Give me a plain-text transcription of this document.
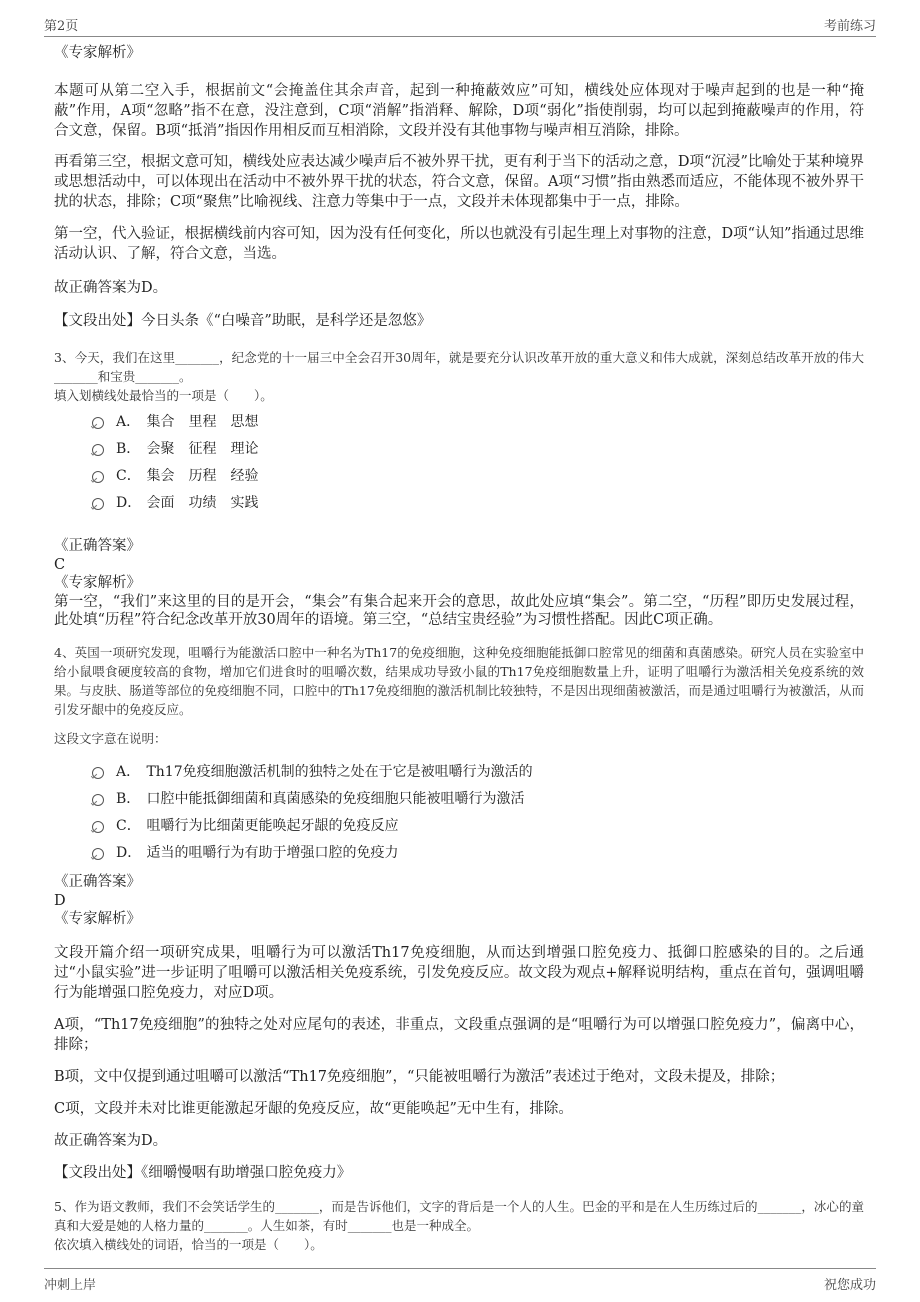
第2页	考前练习

《专家解析》

本题可从第二空入手，根据前文“会掩盖住其余声音，起到一种掩蔽效应”可知，横线处应体现对于噪声起到的也是一种“掩蔽”作用，A项“忽略”指不在意，没注意到，C项“消解”指消释、解除，D项“弱化”指使削弱，均可以起到掩蔽噪声的作用，符合文意，保留。B项“抵消”指因作用相反而互相消除，文段并没有其他事物与噪声相互消除，排除。

再看第三空，根据文意可知，横线处应表达减少噪声后不被外界干扰，更有利于当下的活动之意，D项“沉浸”比喻处于某种境界或思想活动中，可以体现出在活动中不被外界干扰的状态，符合文意，保留。A项“习惯”指由熟悉而适应，不能体现不被外界干扰的状态，排除；C项“聚焦”比喻视线、注意力等集中于一点，文段并未体现都集中于一点，排除。

第一空，代入验证，根据横线前内容可知，因为没有任何变化，所以也就没有引起生理上对事物的注意，D项“认知”指通过思维活动认识、了解，符合文意，当选。

故正确答案为D。

【文段出处】今日头条《“白噪音”助眠，是科学还是忽悠》

3、今天，我们在这里_______，纪念党的十一届三中全会召开30周年，就是要充分认识改革开放的重大意义和伟大成就，深刻总结改革开放的伟大_______和宝贵_______。

填入划横线处最恰当的一项是（　　）。

A． 集合 里程 思想
B． 会聚 征程 理论
C． 集会 历程 经验
D． 会面 功绩 实践

《正确答案》

C

《专家解析》

第一空，“我们”来这里的目的是开会，“集会”有集合起来开会的意思，故此处应填“集会”。第二空，“历程”即历史发展过程，此处填“历程”符合纪念改革开放30周年的语境。第三空，“总结宝贵经验”为习惯性搭配。因此C项正确。

4、英国一项研究发现，咀嚼行为能激活口腔中一种名为Th17的免疫细胞，这种免疫细胞能抵御口腔常见的细菌和真菌感染。研究人员在实验室中给小鼠喂食硬度较高的食物，增加它们进食时的咀嚼次数，结果成功导致小鼠的Th17免疫细胞数量上升，证明了咀嚼行为激活相关免疫系统的效果。与皮肤、肠道等部位的免疫细胞不同，口腔中的Th17免疫细胞的激活机制比较独特，不是因出现细菌被激活，而是通过咀嚼行为被激活，从而引发牙龈中的免疫反应。

这段文字意在说明：

A． Th17免疫细胞激活机制的独特之处在于它是被咀嚼行为激活的
B． 口腔中能抵御细菌和真菌感染的免疫细胞只能被咀嚼行为激活
C． 咀嚼行为比细菌更能唤起牙龈的免疫反应
D． 适当的咀嚼行为有助于增强口腔的免疫力

《正确答案》

D

《专家解析》

文段开篇介绍一项研究成果，咀嚼行为可以激活Th17免疫细胞，从而达到增强口腔免疫力、抵御口腔感染的目的。之后通过“小鼠实验”进一步证明了咀嚼可以激活相关免疫系统，引发免疫反应。故文段为观点+解释说明结构，重点在首句，强调咀嚼行为能增强口腔免疫力，对应D项。

A项，“Th17免疫细胞”的独特之处对应尾句的表述，非重点，文段重点强调的是“咀嚼行为可以增强口腔免疫力”，偏离中心，排除；

B项，文中仅提到通过咀嚼可以激活“Th17免疫细胞”，“只能被咀嚼行为激活”表述过于绝对，文段未提及，排除；

C项，文段并未对比谁更能激起牙龈的免疫反应，故“更能唤起”无中生有，排除。

故正确答案为D。

【文段出处】《细嚼慢咽有助增强口腔免疫力》

5、作为语文教师，我们不会笑话学生的_______，而是告诉他们，文字的背后是一个人的人生。巴金的平和是在人生历练过后的_______，冰心的童真和大爱是她的人格力量的_______。人生如茶，有时_______也是一种成全。

依次填入横线处的词语，恰当的一项是（　　）。

冲刺上岸	祝您成功
